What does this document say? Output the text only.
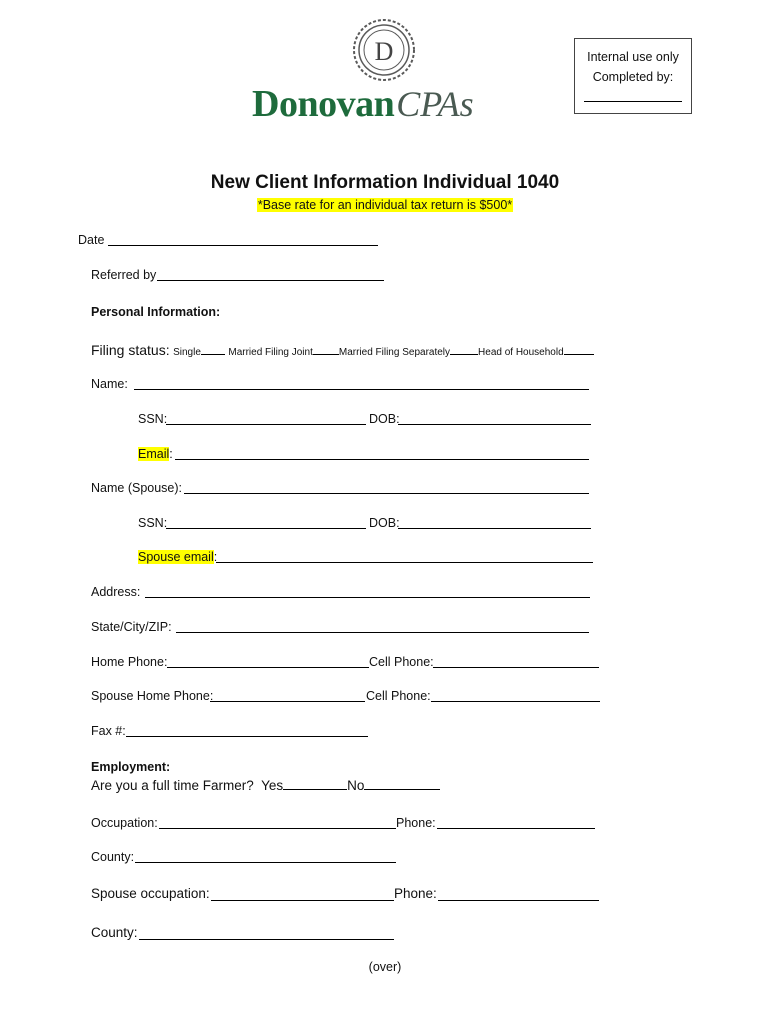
D
DonovanCPAs
Internal use only
Completed by:
New Client Information Individual 1040
*Base rate for an individual tax return is $500*
Date
Referred by
Personal Information:
Filing status: Single	Married Filing Joint	Married Filing Separately	Head of Household
Name:
SSN:	DOB:
Email:
Name (Spouse):
SSN:	DOB:
Spouse email:
Address:
State/City/ZIP:
Home Phone:	Cell Phone:
Spouse Home Phone:	Cell Phone:
Fax #:
Employment:
Are you a full time Farmer? Yes	No
Occupation:	Phone:
County:
Spouse occupation:	Phone:
County:
(over)
